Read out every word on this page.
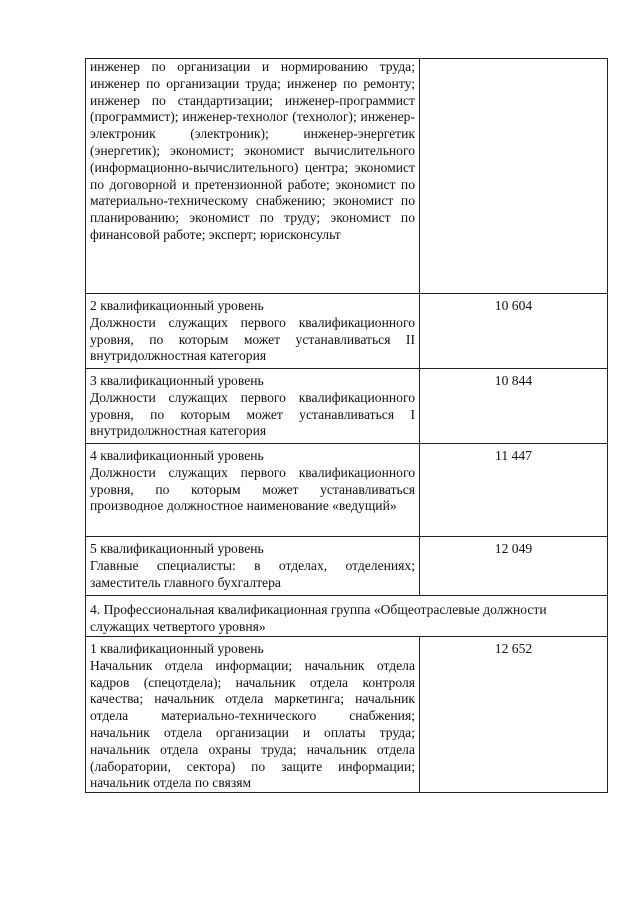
инженер по организации и нормированию труда; инженер по организации труда; инженер по ремонту; инженер по стандартизации; инженер-программист (программист); инженер-технолог (технолог); инженер-электроник (электроник); инженер-энергетик (энергетик); экономист; экономист вычислительного (информационно-вычислительного) центра; экономист по договорной и претензионной работе; экономист по материально-техническому снабжению; экономист по планированию; экономист по труду; экономист по финансовой работе; эксперт; юрисконсульт	

2 квалификационный уровень
Должности служащих первого квалификационного уровня, по которым может устанавливаться II внутридолжностная категория	10 604

3 квалификационный уровень
Должности служащих первого квалификационного уровня, по которым может устанавливаться I внутридолжностная категория	10 844

4 квалификационный уровень
Должности служащих первого квалификационного уровня, по которым может устанавливаться производное должностное наименование «ведущий»	11 447

5 квалификационный уровень
Главные специалисты: в отделах, отделениях; заместитель главного бухгалтера	12 049
4. Профессиональная квалификационная группа «Общеотраслевые должности служащих четвертого уровня»	

1 квалификационный уровень
Начальник отдела информации; начальник отдела кадров (спецотдела); начальник отдела контроля качества; начальник отдела маркетинга; начальник отдела материально-технического снабжения; начальник отдела организации и оплаты труда; начальник отдела охраны труда; начальник отдела (лаборатории, сектора) по защите информации; начальник отдела по связям	12 652
